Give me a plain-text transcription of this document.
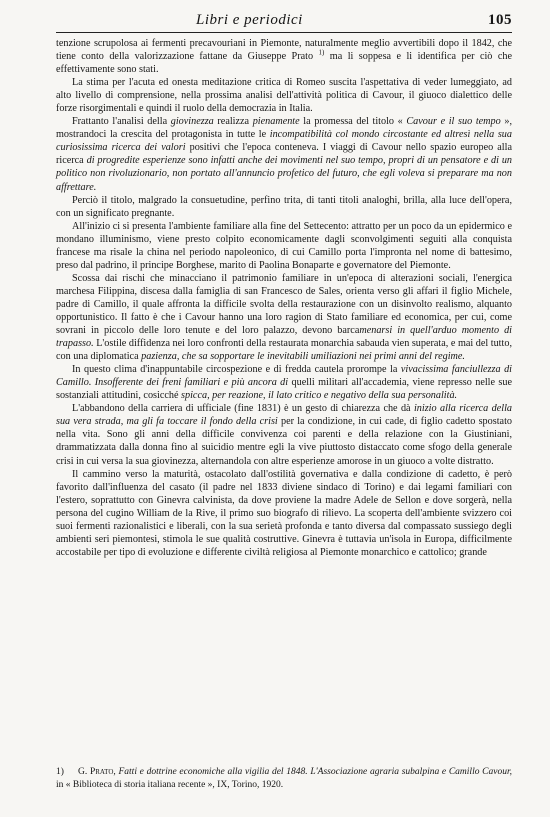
Libri e periodici	105

tenzione scrupolosa ai fermenti precavouriani in Piemonte, naturalmente meglio avvertibili dopo il 1842, che tiene conto della valorizzazione fattane da Giuseppe Prato $^{1)}$ ma li soppesa e li identifica per ciò che effettivamente sono stati.

La stima per l'acuta ed onesta meditazione critica di Romeo suscita l'aspettativa di veder lumeggiato, ad alto livello di comprensione, nella prossima analisi dell'attività politica di Cavour, il giuoco dialettico delle forze risorgimentali e quindi il ruolo della democrazia in Italia.

Frattanto l'analisi della giovinezza realizza pienamente la promessa del titolo « Cavour e il suo tempo », mostrandoci la crescita del protagonista in tutte le incompatibilità col mondo circostante ed altresì nella sua curiosissima ricerca dei valori positivi che l'epoca conteneva. I viaggi di Cavour nello spazio europeo alla ricerca di progredite esperienze sono infatti anche dei movimenti nel suo tempo, propri di un pensatore e di un politico non rivoluzionario, non portato all'annuncio profetico del futuro, che egli voleva si preparare ma non affrettare.

Perciò il titolo, malgrado la consuetudine, perfino trita, di tanti titoli analoghi, brilla, alla luce dell'opera, con un significato pregnante.

All'inizio ci si presenta l'ambiente familiare alla fine del Settecento: attratto per un poco da un epidermico e mondano illuminismo, viene presto colpito economicamente dagli sconvolgimenti seguiti alla conquista francese ma risale la china nel periodo napoleonico, di cui Camillo porta l'impronta nel nome di battesimo, preso dal padrino, il principe Borghese, marito di Paolina Bonaparte e governatore del Piemonte.

Scossa dai rischi che minacciano il patrimonio familiare in un'epoca di alterazioni sociali, l'energica marchesa Filippina, discesa dalla famiglia di san Francesco de Sales, orienta verso gli affari il figlio Michele, padre di Camillo, il quale affronta la difficile svolta della restaurazione con un disinvolto realismo, alquanto opportunistico. Il fatto è che i Cavour hanno una loro ragion di Stato familiare ed economica, per cui, come sovrani in piccolo delle loro tenute e del loro palazzo, devono barcamenarsi in quell'arduo momento di trapasso. L'ostile diffidenza nei loro confronti della restaurata monarchia sabauda vien superata, e mai del tutto, con una diplomatica pazienza, che sa sopportare le inevitabili umiliazioni nei primi anni del regime.

In questo clima d'inappuntabile circospezione e di fredda cautela prorompe la vivacissima fanciullezza di Camillo. Insofferente dei freni familiari e più ancora di quelli militari all'accademia, viene represso nelle sue sostanziali attitudini, cosicché spicca, per reazione, il lato critico e negativo della sua personalità.

L'abbandono della carriera di ufficiale (fine 1831) è un gesto di chiarezza che dà inizio alla ricerca della sua vera strada, ma gli fa toccare il fondo della crisi per la condizione, in cui cade, di figlio cadetto spostato nella vita. Sono gli anni della difficile convivenza coi parenti e della relazione con la Giustiniani, drammatizzata dalla donna fino al suicidio mentre egli la vive piuttosto distaccato come sfogo della generale crisi in cui versa la sua giovinezza, alternandola con altre esperienze amorose in un giuoco a volte distratto.

Il cammino verso la maturità, ostacolato dall'ostilità governativa e dalla condizione di cadetto, è però favorito dall'influenza del casato (il padre nel 1833 diviene sindaco di Torino) e dai legami familiari con l'estero, soprattutto con Ginevra calvinista, da dove proviene la madre Adele de Sellon e dove sorgerà, nella persona del cugino William de la Rive, il primo suo biografo di rilievo. La scoperta dell'ambiente svizzero coi suoi fermenti razionalistici e liberali, con la sua serietà profonda e tanto diversa dal compassato sussiego degli ambienti seri piemontesi, stimola le sue qualità costruttive. Ginevra è tuttavia un'isola in Europa, difficilmente accostabile per tipo di evoluzione e differente civiltà religiosa al Piemonte monarchico e cattolico; grande

1) G. Prato, Fatti e dottrine economiche alla vigilia del 1848. L'Associazione agraria subalpina e Camillo Cavour, in « Biblioteca di storia italiana recente », IX, Torino, 1920.
